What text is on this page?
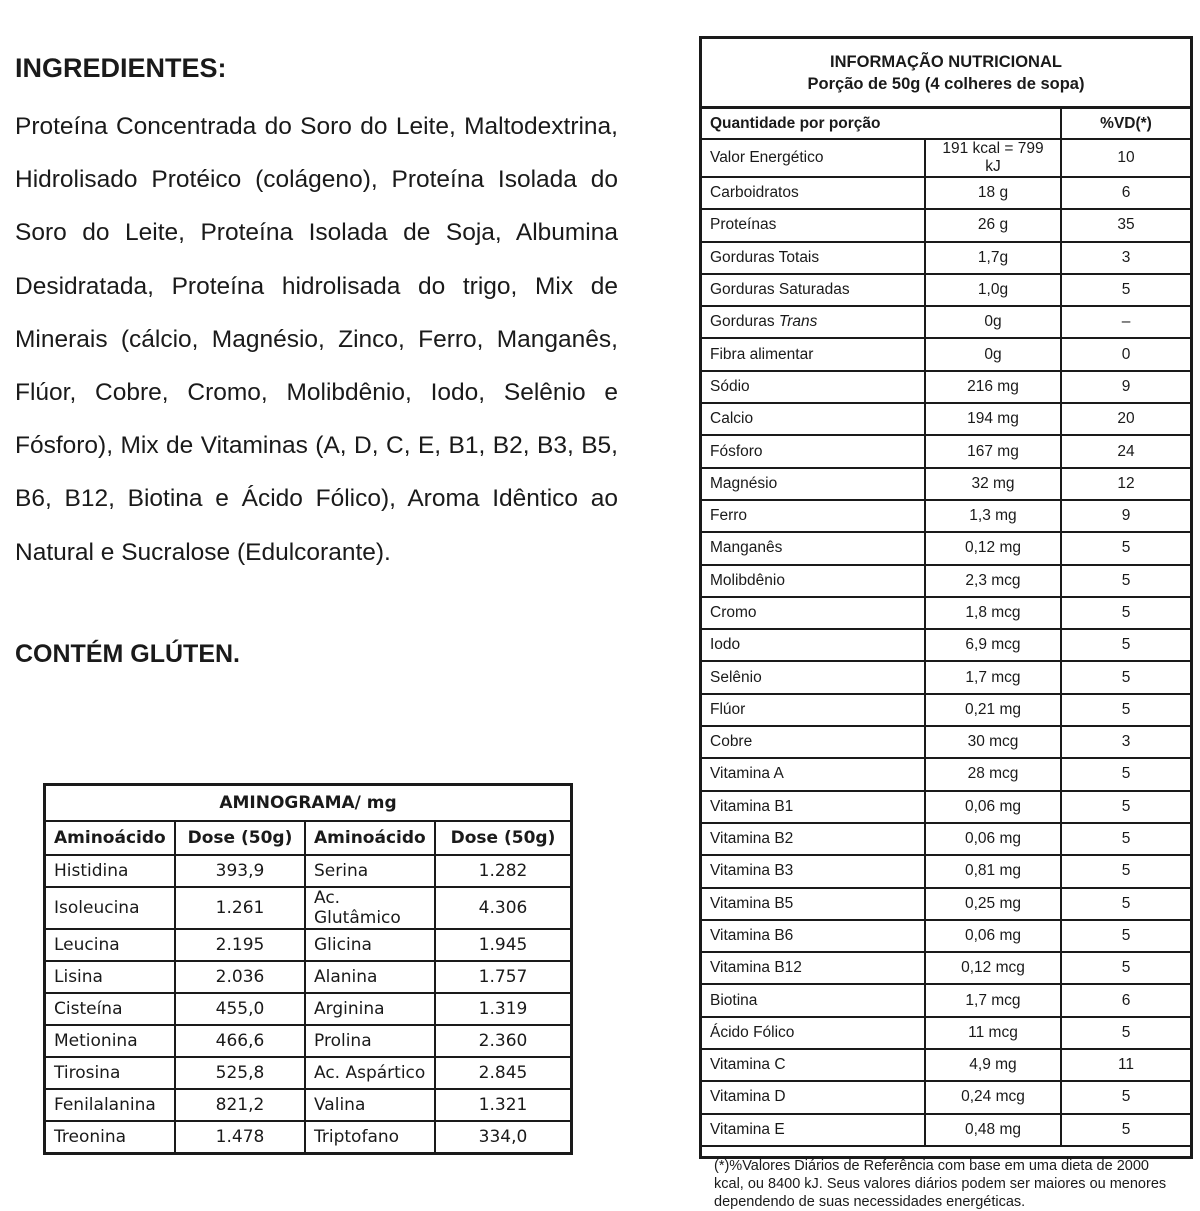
INGREDIENTES:

Proteína Concentrada do Soro do Leite, Maltodextrina, Hidrolisado Protéico (colágeno), Proteína Isolada do Soro do Leite, Proteína Isolada de Soja, Albumina Desidratada, Proteína hidrolisada do trigo, Mix de Minerais (cálcio, Magnésio, Zinco, Ferro, Manganês, Flúor, Cobre, Cromo, Molibdênio, Iodo, Selênio e Fósforo), Mix de Vitaminas (A, D, C, E, B1, B2, B3, B5, B6, B12, Biotina e Ácido Fólico), Aroma Idêntico ao Natural e Sucralose (Edulcorante).

CONTÉM GLÚTEN.

AMINOGRAMA/ mg			
Aminoácido	Dose (50g)	Aminoácido	Dose (50g)
Histidina	393,9	Serina	1.282
Isoleucina	1.261	Ac. Glutâmico	4.306
Leucina	2.195	Glicina	1.945
Lisina	2.036	Alanina	1.757
Cisteína	455,0	Arginina	1.319
Metionina	466,6	Prolina	2.360
Tirosina	525,8	Ac. Aspártico	2.845
Fenilalanina	821,2	Valina	1.321
Treonina	1.478	Triptofano	334,0
INFORMAÇÃO NUTRICIONAL
Porção de 50g (4 colheres de sopa)
Quantidade por porção		%VD(*)
Valor Energético	191 kcal = 799 kJ	10
Carboidratos	18 g	6
Proteínas	26 g	35
Gorduras Totais	1,7g	3
Gorduras Saturadas	1,0g	5
Gorduras Trans	0g	–
Fibra alimentar	0g	0
Sódio	216 mg	9
Calcio	194 mg	20
Fósforo	167 mg	24
Magnésio	32 mg	12
Ferro	1,3 mg	9
Manganês	0,12 mg	5
Molibdênio	2,3 mcg	5
Cromo	1,8 mcg	5
Iodo	6,9 mcg	5
Selênio	1,7 mcg	5
Flúor	0,21 mg	5
Cobre	30 mcg	3
Vitamina A	28 mcg	5
Vitamina B1	0,06 mg	5
Vitamina B2	0,06 mg	5
Vitamina B3	0,81 mg	5
Vitamina B5	0,25 mg	5
Vitamina B6	0,06 mg	5
Vitamina B12	0,12 mcg	5
Biotina	1,7 mcg	6
Ácido Fólico	11 mcg	5
Vitamina C	4,9 mg	11
Vitamina D	0,24 mcg	5
Vitamina E	0,48 mg	5
(*)%Valores Diários de Referência com base em uma dieta de 2000 kcal, ou 8400 kJ. Seus valores diários podem ser maiores ou menores dependendo de suas necessidades energéticas.
